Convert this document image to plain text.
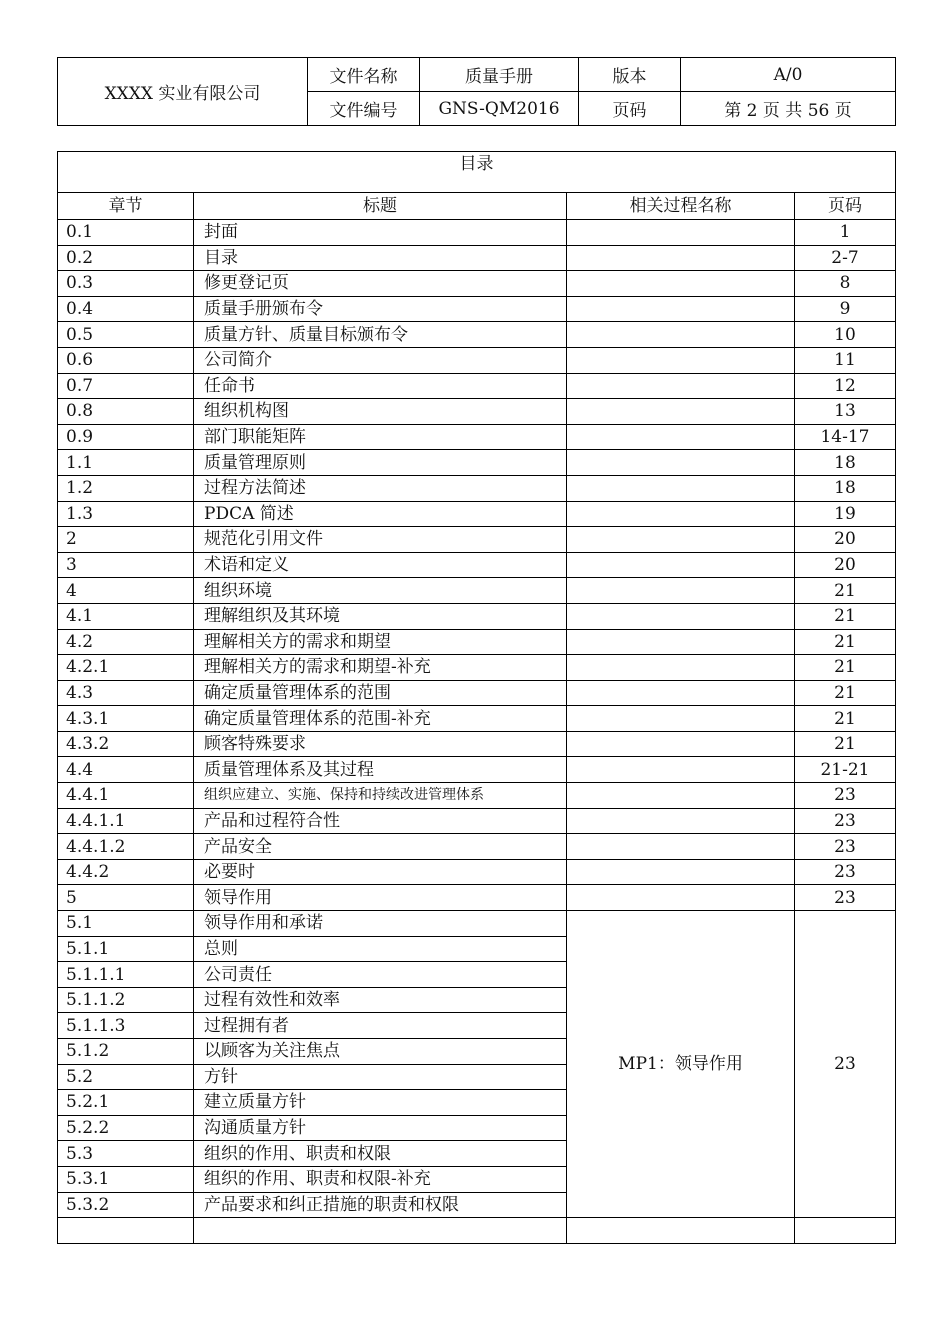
XXXX 实业有限公司	文件名称	质量手册	版本	A/0
	文件编号	GNS-QM2016	页码	第 2 页 共 56 页
目录			
章节	标题	相关过程名称	页码
0.1	封面		1
0.2	目录		2-7
0.3	修更登记页		8
0.4	质量手册颁布令		9
0.5	质量方针、质量目标颁布令		10
0.6	公司简介		11
0.7	任命书		12
0.8	组织机构图		13
0.9	部门职能矩阵		14-17
1.1	质量管理原则		18
1.2	过程方法简述		18
1.3	PDCA 简述		19
2	规范化引用文件		20
3	术语和定义		20
4	组织环境		21
4.1	理解组织及其环境		21
4.2	理解相关方的需求和期望		21
4.2.1	理解相关方的需求和期望-补充		21
4.3	确定质量管理体系的范围		21
4.3.1	确定质量管理体系的范围-补充		21
4.3.2	顾客特殊要求		21
4.4	质量管理体系及其过程		21-21
4.4.1	组织应建立、实施、保持和持续改进管理体系		23
4.4.1.1	产品和过程符合性		23
4.4.1.2	产品安全		23
4.4.2	必要时		23
5	领导作用		23
5.1	领导作用和承诺	MP1：领导作用	23
5.1.1	总则		
5.1.1.1	公司责任		
5.1.1.2	过程有效性和效率		
5.1.1.3	过程拥有者		
5.1.2	以顾客为关注焦点		
5.2	方针		
5.2.1	建立质量方针		
5.2.2	沟通质量方针		
5.3	组织的作用、职责和权限		
5.3.1	组织的作用、职责和权限-补充		
5.3.2	产品要求和纠正措施的职责和权限		
